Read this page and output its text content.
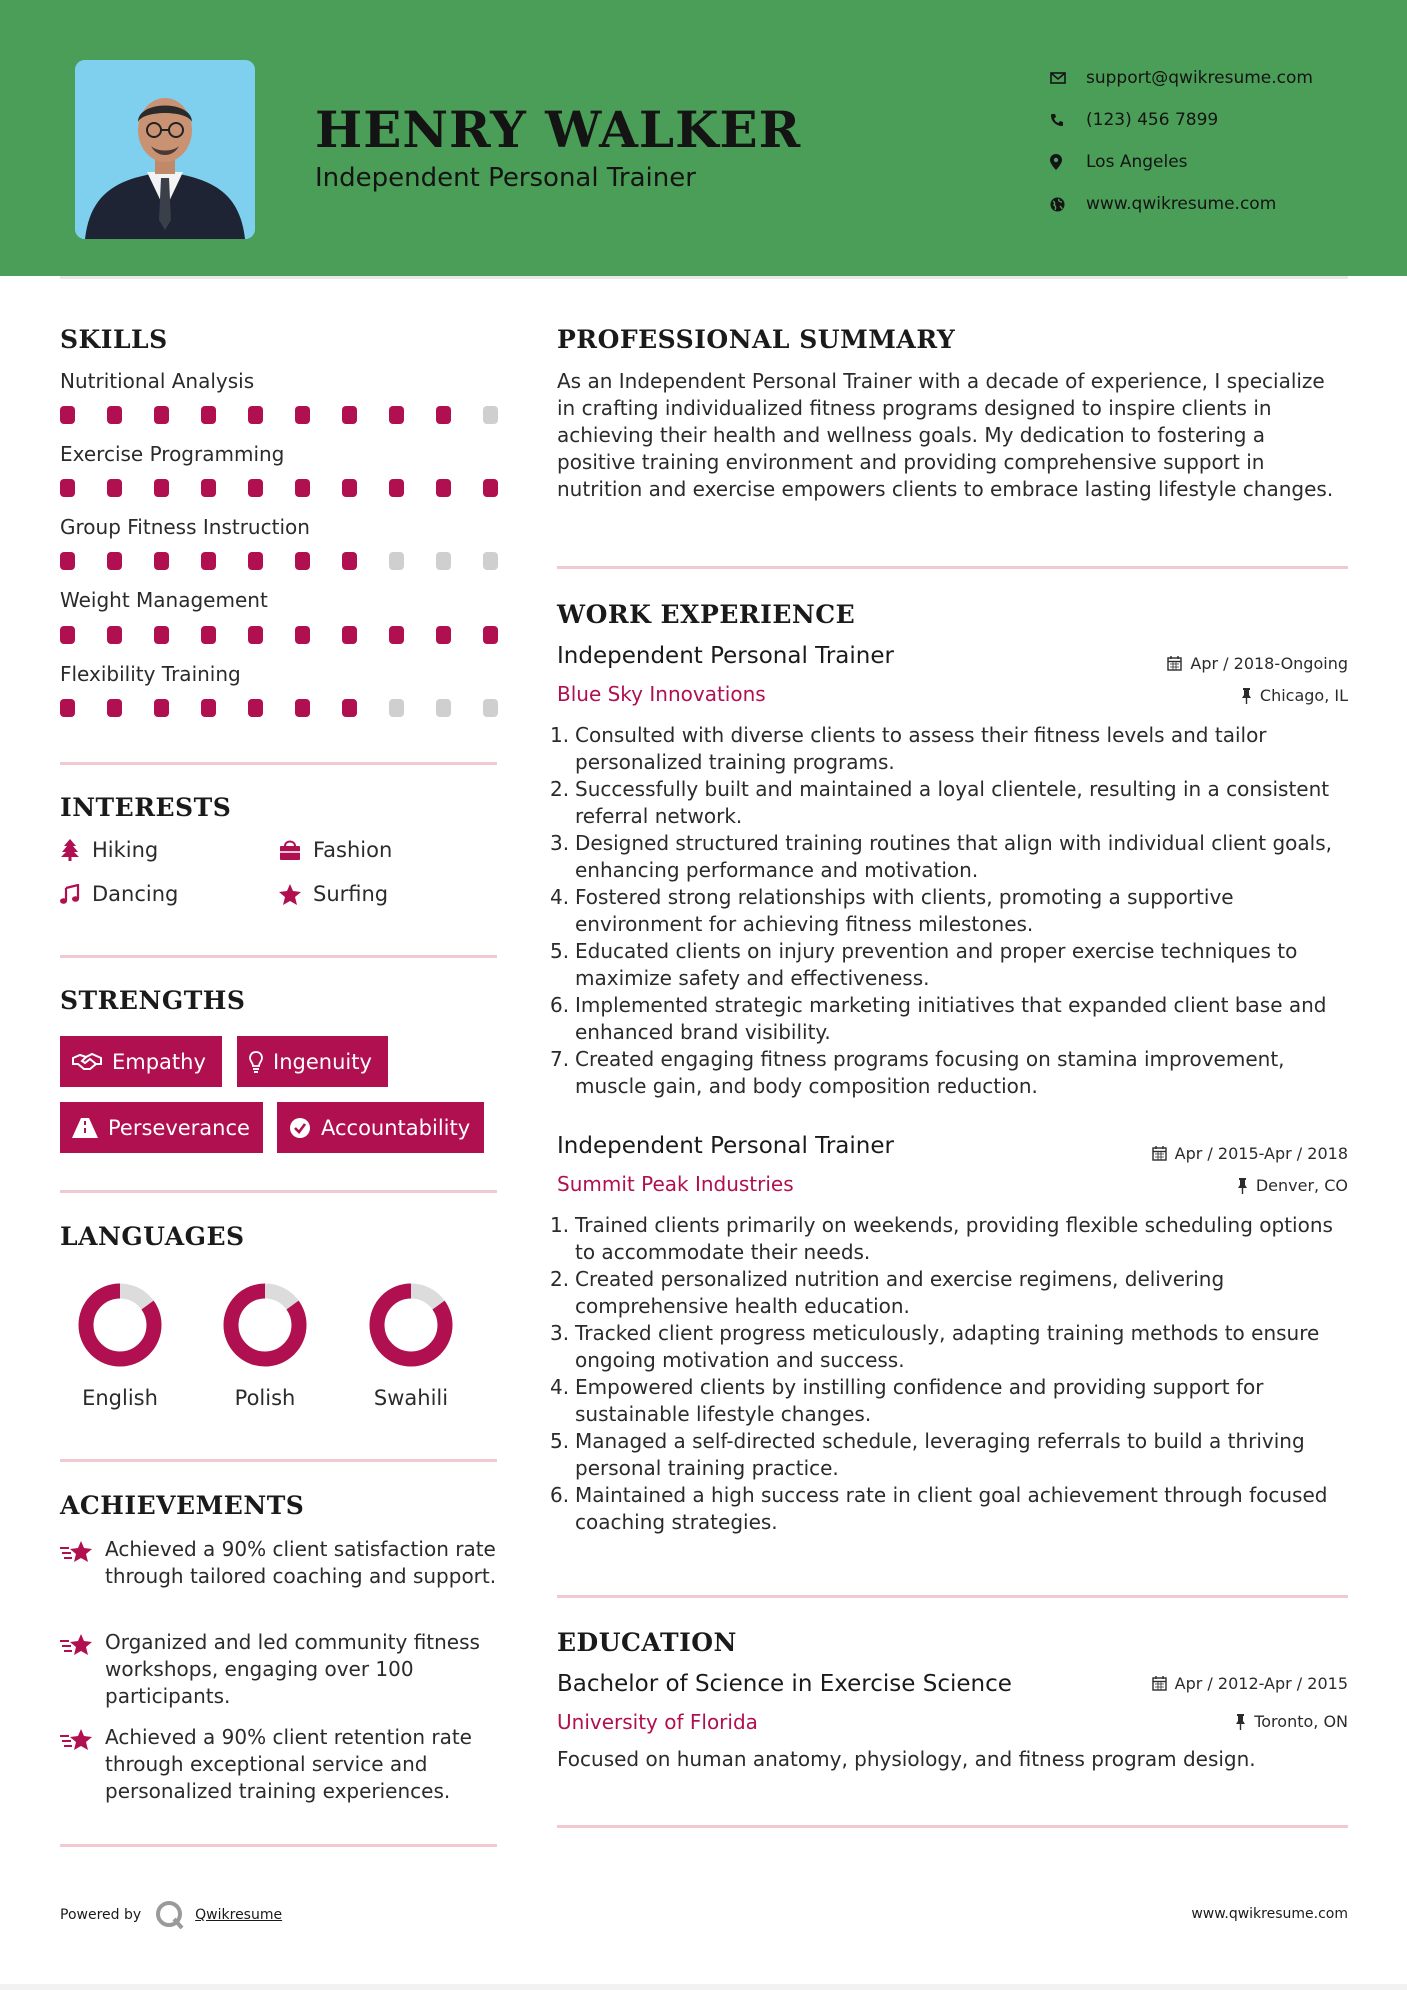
HENRY WALKER
Independent Personal Trainer
support@qwikresume.com
(123) 456 7899
Los Angeles
www.qwikresume.com
SKILLS
Nutritional Analysis
Exercise Programming
Group Fitness Instruction
Weight Management
Flexibility Training
INTERESTS
Hiking	Fashion
Dancing	Surfing
STRENGTHS
Empathy	Ingenuity
Perseverance	Accountability
LANGUAGES
English	Polish	Swahili
ACHIEVEMENTS
Achieved a 90% client satisfaction rate through tailored coaching and support.
Organized and led community fitness workshops, engaging over 100 participants.
Achieved a 90% client retention rate through exceptional service and personalized training experiences.
PROFESSIONAL SUMMARY
As an Independent Personal Trainer with a decade of experience, I specialize in crafting individualized fitness programs designed to inspire clients in achieving their health and wellness goals. My dedication to fostering a positive training environment and providing comprehensive support in nutrition and exercise empowers clients to embrace lasting lifestyle changes.
WORK EXPERIENCE
Independent Personal Trainer	Apr / 2018-Ongoing
Blue Sky Innovations	Chicago, IL
1. Consulted with diverse clients to assess their fitness levels and tailor personalized training programs.
2. Successfully built and maintained a loyal clientele, resulting in a consistent referral network.
3. Designed structured training routines that align with individual client goals, enhancing performance and motivation.
4. Fostered strong relationships with clients, promoting a supportive environment for achieving fitness milestones.
5. Educated clients on injury prevention and proper exercise techniques to maximize safety and effectiveness.
6. Implemented strategic marketing initiatives that expanded client base and enhanced brand visibility.
7. Created engaging fitness programs focusing on stamina improvement, muscle gain, and body composition reduction.
Independent Personal Trainer	Apr / 2015-Apr / 2018
Summit Peak Industries	Denver, CO
1. Trained clients primarily on weekends, providing flexible scheduling options to accommodate their needs.
2. Created personalized nutrition and exercise regimens, delivering comprehensive health education.
3. Tracked client progress meticulously, adapting training methods to ensure ongoing motivation and success.
4. Empowered clients by instilling confidence and providing support for sustainable lifestyle changes.
5. Managed a self-directed schedule, leveraging referrals to build a thriving personal training practice.
6. Maintained a high success rate in client goal achievement through focused coaching strategies.
EDUCATION
Bachelor of Science in Exercise Science	Apr / 2012-Apr / 2015
University of Florida	Toronto, ON
Focused on human anatomy, physiology, and fitness program design.
Powered by	Qwikresume	www.qwikresume.com
